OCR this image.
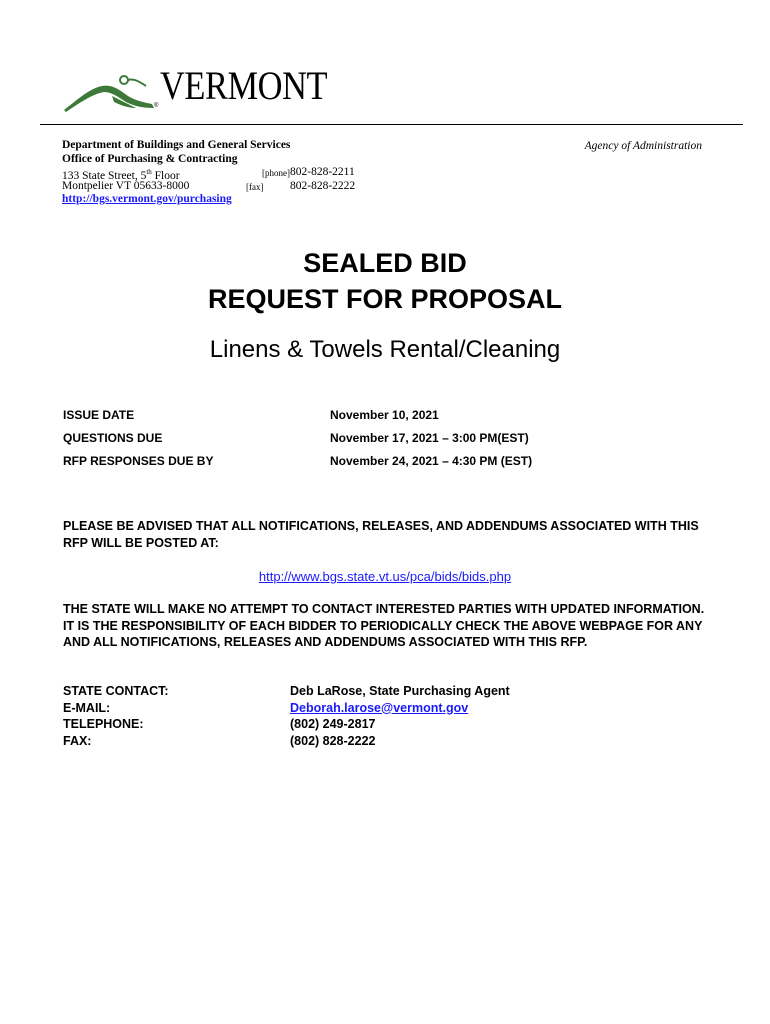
VERMONT
®
Department of Buildings and General Services
Office of Purchasing & Contracting
133 State Street, 5th Floor
Montpelier VT 05633-8000
http://bgs.vermont.gov/purchasing
[phone] 802-828-2211
[fax] 802-828-2222
Agency of Administration
SEALED BID
REQUEST FOR PROPOSAL
Linens & Towels Rental/Cleaning
ISSUE DATE	November 10, 2021
QUESTIONS DUE	November 17, 2021 – 3:00 PM(EST)
RFP RESPONSES DUE BY	November 24, 2021 – 4:30 PM (EST)
PLEASE BE ADVISED THAT ALL NOTIFICATIONS, RELEASES, AND ADDENDUMS ASSOCIATED WITH THIS RFP WILL BE POSTED AT:
http://www.bgs.state.vt.us/pca/bids/bids.php
THE STATE WILL MAKE NO ATTEMPT TO CONTACT INTERESTED PARTIES WITH UPDATED INFORMATION. IT IS THE RESPONSIBILITY OF EACH BIDDER TO PERIODICALLY CHECK THE ABOVE WEBPAGE FOR ANY AND ALL NOTIFICATIONS, RELEASES AND ADDENDUMS ASSOCIATED WITH THIS RFP.
STATE CONTACT:	Deb LaRose, State Purchasing Agent
E-MAIL:	Deborah.larose@vermont.gov
TELEPHONE:	(802) 249-2817
FAX:	(802) 828-2222
